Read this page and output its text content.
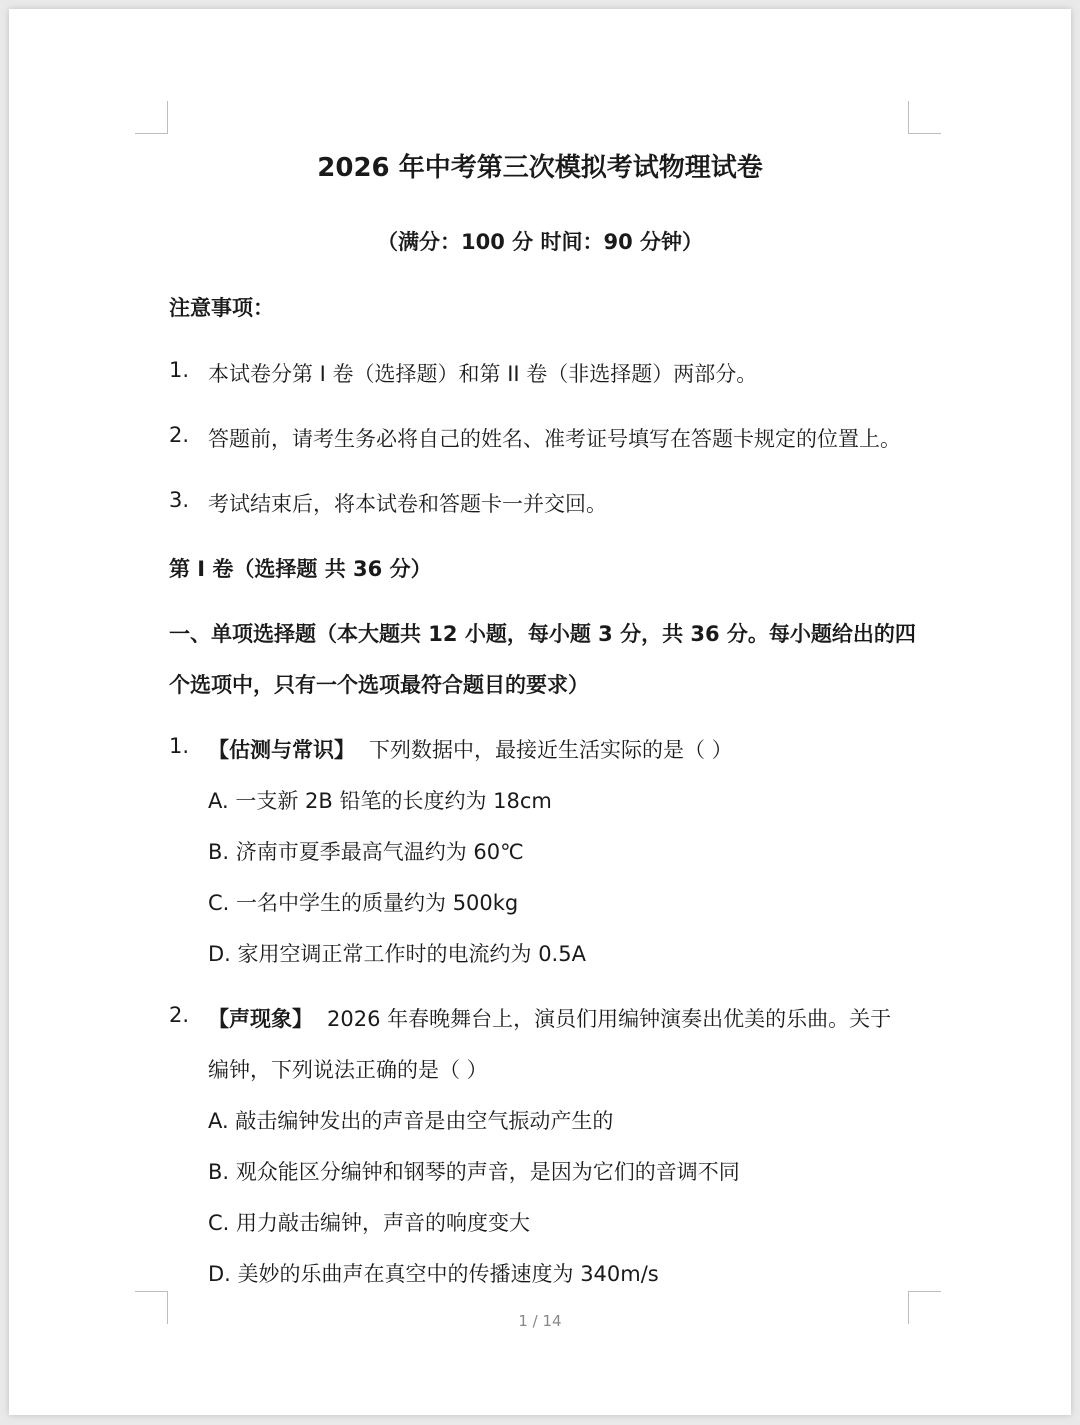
2026 年中考第三次模拟考试物理试卷
（满分：100 分 时间：90 分钟）
注意事项：
1. 本试卷分第 I 卷（选择题）和第 II 卷（非选择题）两部分。
2. 答题前，请考生务必将自己的姓名、准考证号填写在答题卡规定的位置上。
3. 考试结束后，将本试卷和答题卡一并交回。
第 I 卷（选择题 共 36 分）
一、单项选择题（本大题共 12 小题，每小题 3 分，共 36 分。每小题给出的四
个选项中，只有一个选项最符合题目的要求）
1. 【估测与常识】 下列数据中，最接近生活实际的是（ ）
A. 一支新 2B 铅笔的长度约为 18cm
B. 济南市夏季最高气温约为 60℃
C. 一名中学生的质量约为 500kg
D. 家用空调正常工作时的电流约为 0.5A
2. 【声现象】 2026 年春晚舞台上，演员们用编钟演奏出优美的乐曲。关于
编钟，下列说法正确的是（ ）
A. 敲击编钟发出的声音是由空气振动产生的
B. 观众能区分编钟和钢琴的声音，是因为它们的音调不同
C. 用力敲击编钟，声音的响度变大
D. 美妙的乐曲声在真空中的传播速度为 340m/s
1 / 14
